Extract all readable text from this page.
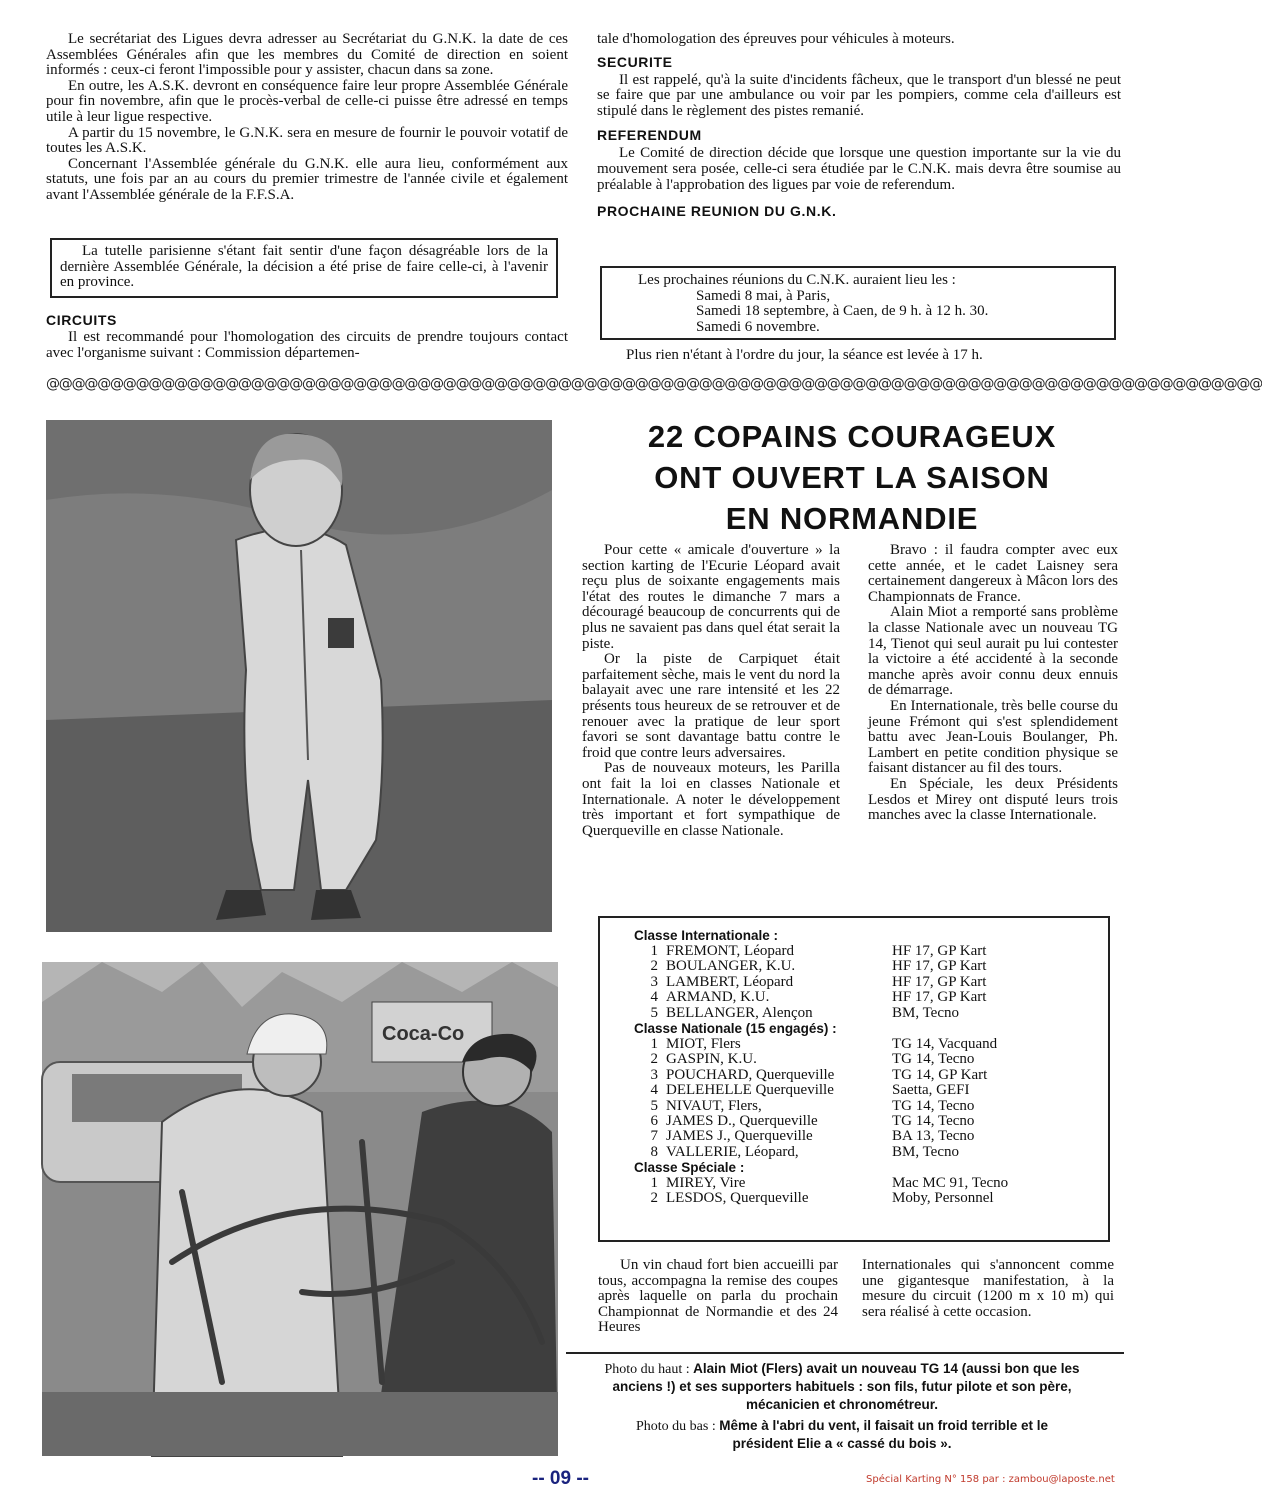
Le secrétariat des Ligues devra adresser au Secrétariat du G.N.K. la date de ces Assemblées Générales afin que les membres du Comité de direction en soient informés : ceux-ci feront l'impossible pour y assister, chacun dans sa zone.

En outre, les A.S.K. devront en conséquence faire leur propre Assemblée Générale pour fin novembre, afin que le procès-verbal de celle-ci puisse être adressé en temps utile à leur ligue respective.

A partir du 15 novembre, le G.N.K. sera en mesure de fournir le pouvoir votatif de toutes les A.S.K.

Concernant l'Assemblée générale du G.N.K. elle aura lieu, conformément aux statuts, une fois par an au cours du premier trimestre de l'année civile et également avant l'Assemblée générale de la F.F.S.A.

La tutelle parisienne s'étant fait sentir d'une façon désagréable lors de la dernière Assemblée Générale, la décision a été prise de faire celle-ci, à l'avenir en province.

CIRCUITS

Il est recommandé pour l'homologation des circuits de prendre toujours contact avec l'organisme suivant : Commission départemen-

tale d'homologation des épreuves pour véhicules à moteurs.

SECURITE

Il est rappelé, qu'à la suite d'incidents fâcheux, que le transport d'un blessé ne peut se faire que par une ambulance ou voir par les pompiers, comme cela d'ailleurs est stipulé dans le règlement des pistes remanié.

REFERENDUM

Le Comité de direction décide que lorsque une question importante sur la vie du mouvement sera posée, celle-ci sera étudiée par le C.N.K. mais devra être soumise au préalable à l'approbation des ligues par voie de referendum.

PROCHAINE REUNION DU G.N.K.

Les prochaines réunions du C.N.K. auraient lieu les :
Samedi 8 mai, à Paris,
Samedi 18 septembre, à Caen, de 9 h. à 12 h. 30.
Samedi 6 novembre.

Plus rien n'étant à l'ordre du jour, la séance est levée à 17 h.

@@@@@@@@@@@@@@@@@@@@@@@@@@@@@@@@@@@@@@@@@@@@@@@@@@@@@@@@@@@@@@@@@@@@@@@@@@@@@@@@@@@@@@@@@@@@@@@
Coca-Co
22 COPAINS COURAGEUX
ONT OUVERT LA SAISON
EN NORMANDIE

Pour cette « amicale d'ouverture » la section karting de l'Ecurie Léopard avait reçu plus de soixante engagements mais l'état des routes le dimanche 7 mars a découragé beaucoup de concurrents qui de plus ne savaient pas dans quel état serait la piste.

Or la piste de Carpiquet était parfaitement sèche, mais le vent du nord la balayait avec une rare intensité et les 22 présents tous heureux de se retrouver et de renouer avec la pratique de leur sport favori se sont davantage battu contre le froid que contre leurs adversaires.

Pas de nouveaux moteurs, les Parilla ont fait la loi en classes Nationale et Internationale. A noter le développement très important et fort sympathique de Querqueville en classe Nationale.

Bravo : il faudra compter avec eux cette année, et le cadet Laisney sera certainement dangereux à Mâcon lors des Championnats de France.

Alain Miot a remporté sans problème la classe Nationale avec un nouveau TG 14, Tienot qui seul aurait pu lui contester la victoire a été accidenté à la seconde manche après avoir connu deux ennuis de démarrage.

En Internationale, très belle course du jeune Frémont qui s'est splendidement battu avec Jean-Louis Boulanger, Ph. Lambert en petite condition physique se faisant distancer au fil des tours.

En Spéciale, les deux Présidents Lesdos et Mirey ont disputé leurs trois manches avec la classe Internationale.

Classe Internationale :
1 FREMONT, Léopard	HF 17, GP Kart
2 BOULANGER, K.U.	HF 17, GP Kart
3 LAMBERT, Léopard	HF 17, GP Kart
4 ARMAND, K.U.	HF 17, GP Kart
5 BELLANGER, Alençon	BM, Tecno
Classe Nationale (15 engagés) :
1 MIOT, Flers	TG 14, Vacquand
2 GASPIN, K.U.	TG 14, Tecno
3 POUCHARD, Querqueville	TG 14, GP Kart
4 DELEHELLE Querqueville	Saetta, GEFI
5 NIVAUT, Flers,	TG 14, Tecno
6 JAMES D., Querqueville	TG 14, Tecno
7 JAMES J., Querqueville	BA 13, Tecno
8 VALLERIE, Léopard,	BM, Tecno
Classe Spéciale :
1 MIREY, Vire	Mac MC 91, Tecno
2 LESDOS, Querqueville	Moby, Personnel

Un vin chaud fort bien accueilli par tous, accompagna la remise des coupes après laquelle on parla du prochain Championnat de Normandie et des 24 Heures

Internationales qui s'annoncent comme une gigantesque manifestation, à la mesure du circuit (1200 m x 10 m) qui sera réalisé à cette occasion.

Photo du haut : Alain Miot (Flers) avait un nouveau TG 14 (aussi bon que les anciens !) et ses supporters habituels : son fils, futur pilote et son père, mécanicien et chronométreur.
Photo du bas : Même à l'abri du vent, il faisait un froid terrible et le président Elie a « cassé du bois ».
-- 09 --	Spécial Karting N° 158 par : zambou@laposte.net
